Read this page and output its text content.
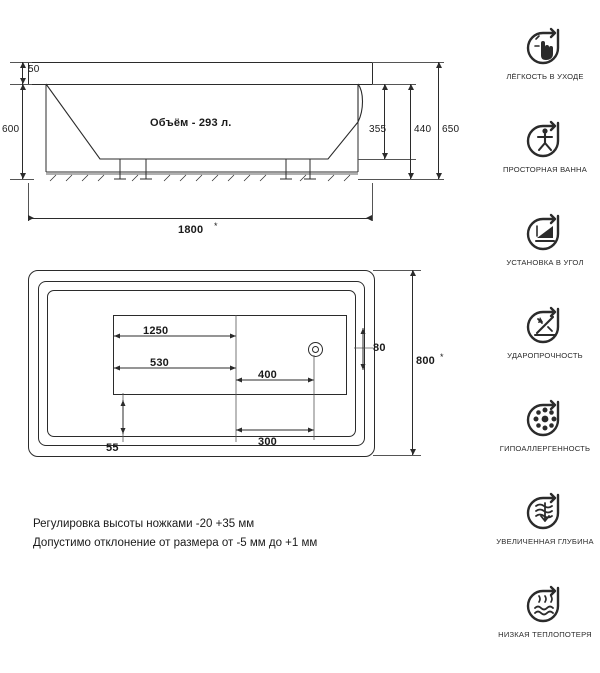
Объём - 293 л.
50
600	355	440 650
1800 *
1250
530
400
80
55	300
800 *
Регулировка высоты ножками -20 +35 мм
Допустимо отклонение от размера от -5 мм до +1 мм
ЛЁГКОСТЬ В УХОДЕ
ПРОСТОРНАЯ ВАННА
УСТАНОВКА В УГОЛ
УДАРОПРОЧНОСТЬ
ГИПОАЛЛЕРГЕННОСТЬ
УВЕЛИЧЕННАЯ ГЛУБИНА
НИЗКАЯ ТЕПЛОПОТЕРЯ
